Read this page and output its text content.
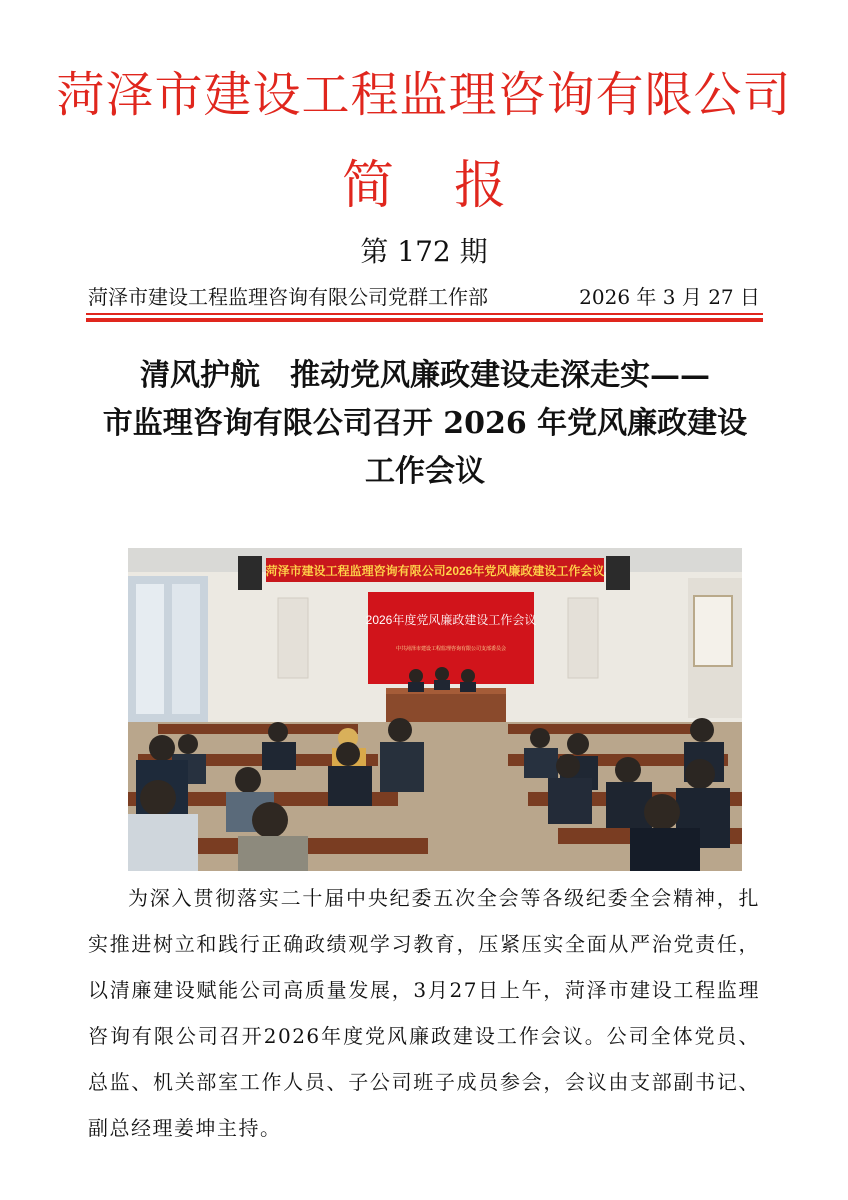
菏泽市建设工程监理咨询有限公司
简报
第 172 期
菏泽市建设工程监理咨询有限公司党群工作部	2026 年 3 月 27 日
清风护航　推动党风廉政建设走深走实——
市监理咨询有限公司召开 2026 年党风廉政建设
工作会议
菏泽市建设工程监理咨询有限公司2026年党风廉政建设工作会议
2026年度党风廉政建设工作会议
中共菏泽市建设工程监理咨询有限公司支部委员会

为深入贯彻落实二十届中央纪委五次全会等各级纪委全会精神，扎实推进树立和践行正确政绩观学习教育，压紧压实全面从严治党责任，以清廉建设赋能公司高质量发展，3月27日上午，菏泽市建设工程监理咨询有限公司召开2026年度党风廉政建设工作会议。公司全体党员、总监、机关部室工作人员、子公司班子成员参会，会议由支部副书记、副总经理姜坤主持。
